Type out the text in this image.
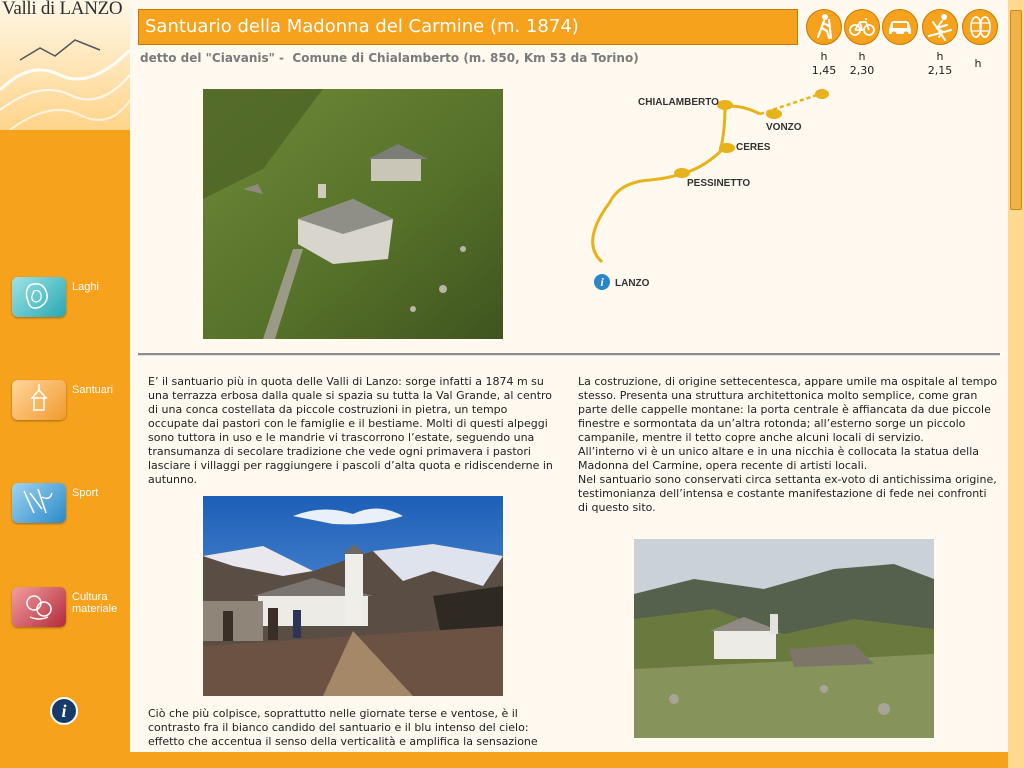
Valli di LANZO
Laghi
Santuari
Sport
Cultura materiale
i
Santuario della Madonna del Carmine (m. 1874)
detto del "Ciavanis" -  Comune di Chialamberto (m. 850, Km 53 da Torino)	h
1,45
h
2,30
h
2,15
h
CHIALAMBERTO
VONZO
CERES
PESSINETTO
i	LANZO

E’ il santuario più in quota delle Valli di Lanzo: sorge infatti a 1874 m su una terrazza erbosa dalla quale si spazia su tutta la Val Grande, al centro di una conca costellata da piccole costruzioni in pietra, un tempo occupate dai pastori con le famiglie e il bestiame. Molti di questi alpeggi sono tuttora in uso e le mandrie vi trascorrono l’estate, seguendo una transumanza di secolare tradizione che vede ogni primavera i pastori lasciare i villaggi per raggiungere i pascoli d’alta quota e ridiscenderne in autunno.

La costruzione, di origine settecentesca, appare umile ma ospitale al tempo stesso. Presenta una struttura architettonica molto semplice, come gran parte delle cappelle montane: la porta centrale è affiancata da due piccole finestre e sormontata da un’altra rotonda; all’esterno sorge un piccolo campanile, mentre il tetto copre anche alcuni locali di servizio.

All’interno vi è un unico altare e in una nicchia è collocata la statua della Madonna del Carmine, opera recente di artisti locali.

Nel santuario sono conservati circa settanta ex-voto di antichissima origine, testimonianza dell’intensa e costante manifestazione di fede nei confronti di questo sito.

Ciò che più colpisce, soprattutto nelle giornate terse e ventose, è il contrasto fra il bianco candido del santuario e il blu intenso del cielo: effetto che accentua il senso della verticalità e amplifica la sensazione
